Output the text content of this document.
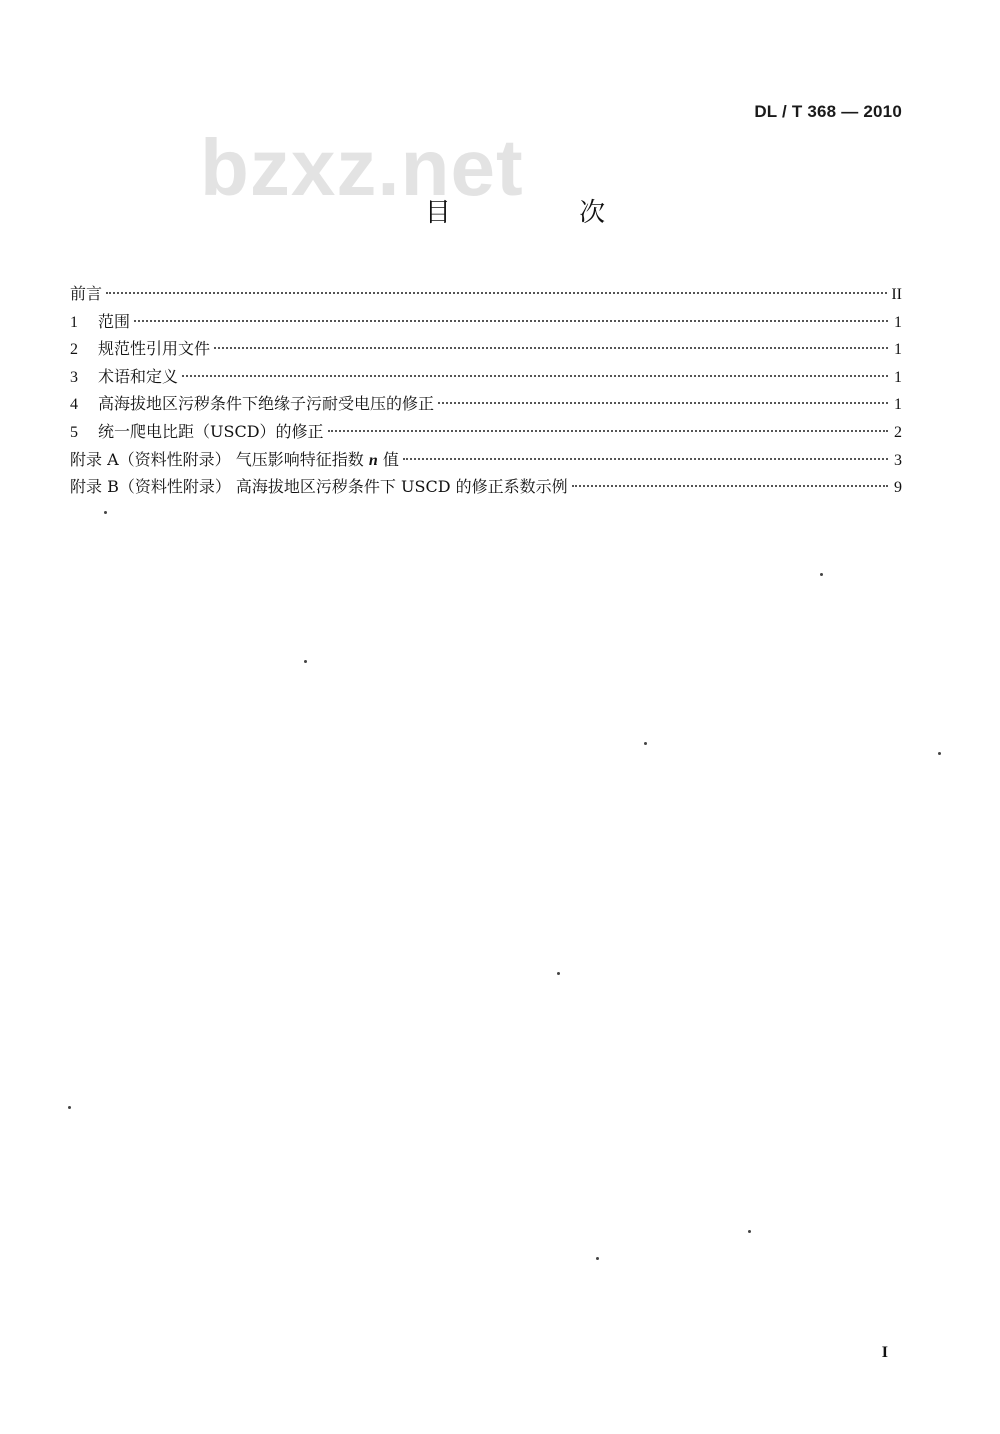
bzxz.net
DL / T 368 — 2010
目 次
前言	II
1 范围	1
2 规范性引用文件	1
3 术语和定义	1
4 高海拔地区污秽条件下绝缘子污耐受电压的修正	1
5 统一爬电比距（USCD）的修正	2
附录 A（资料性附录） 气压影响特征指数 n 值	3
附录 B（资料性附录） 高海拔地区污秽条件下 USCD 的修正系数示例	9
I
